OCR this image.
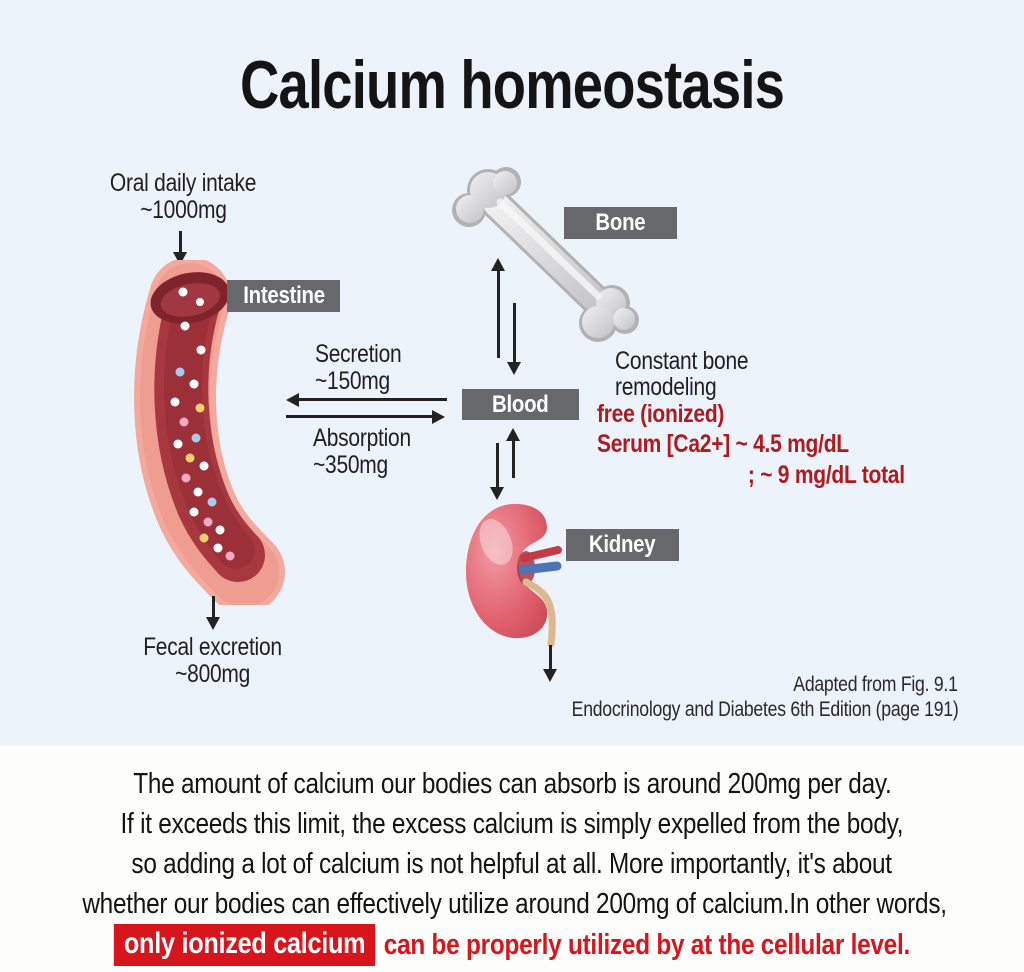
Calcium homeostasis
Oral daily intake
~1000mg
Intestine
Secretion
~150mg
Absorption
~350mg
Bone
Blood
Constant bone
remodeling
free (ionized)
Serum [Ca2+] ~ 4.5 mg/dL
; ~ 9 mg/dL total
Kidney
Fecal excretion
~800mg	Adapted from Fig. 9.1
Endocrinology and Diabetes 6th Edition (page 191)
The amount of calcium our bodies can absorb is around 200mg per day.
If it exceeds this limit, the excess calcium is simply expelled from the body,
so adding a lot of calcium is not helpful at all. More importantly, it's about
whether our bodies can effectively utilize around 200mg of calcium.In other words,
only ionized calcium can be properly utilized by at the cellular level.
